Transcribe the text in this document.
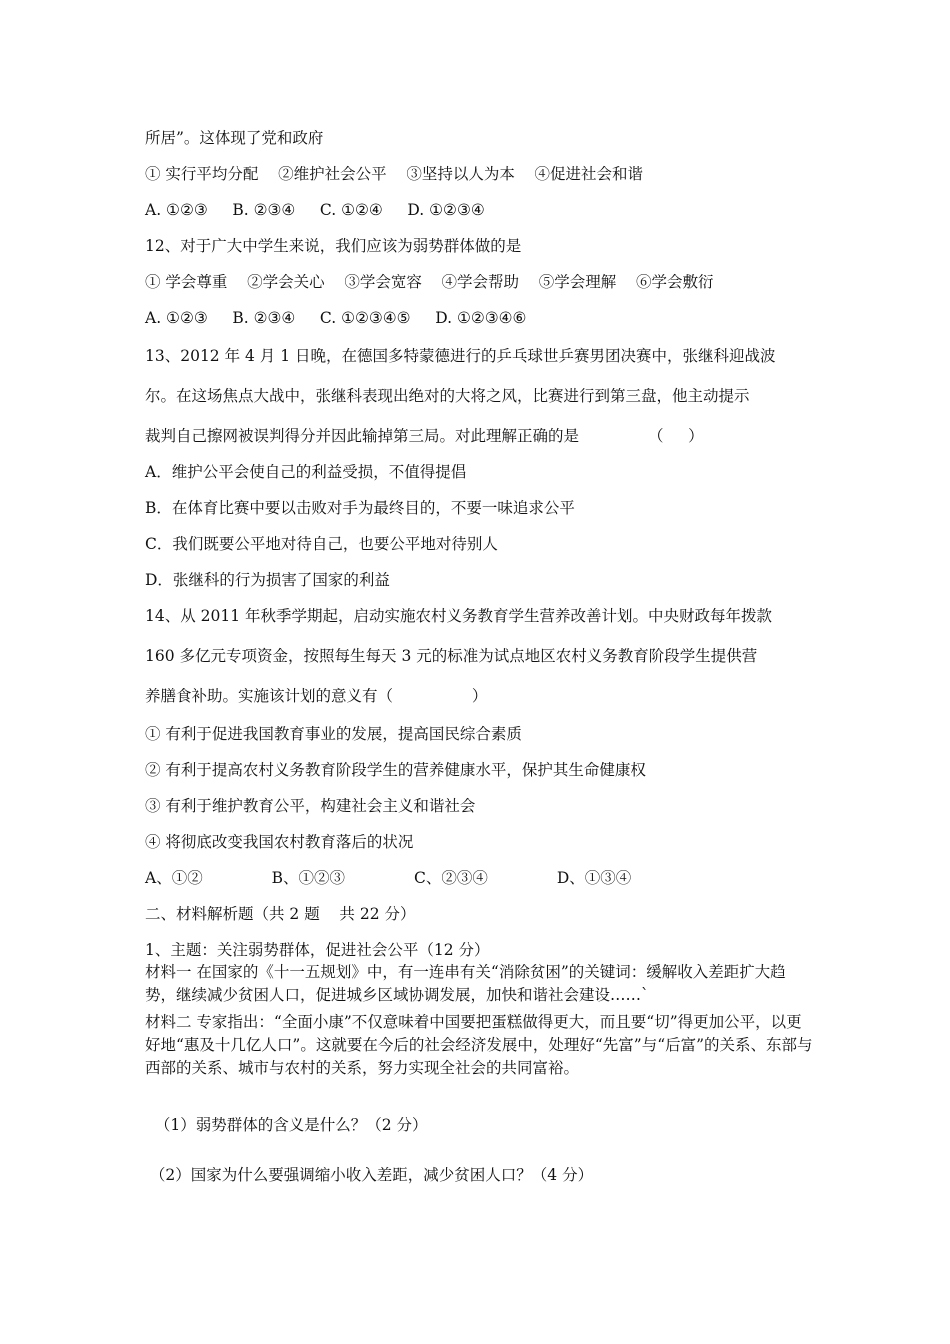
所居”。这体现了党和政府
① 实行平均分配    ②维护社会公平    ③坚持以人为本    ④促进社会和谐
A. ①②③     B. ②③④     C. ①②④     D. ①②③④
12、对于广大中学生来说，我们应该为弱势群体做的是
① 学会尊重    ②学会关心    ③学会宽容    ④学会帮助    ⑤学会理解    ⑥学会敷衍
A. ①②③     B. ②③④     C. ①②③④⑤     D. ①②③④⑥
13、2012 年 4 月 1 日晚，在德国多特蒙德进行的乒乓球世乒赛男团决赛中，张继科迎战波
尔。在这场焦点大战中，张继科表现出绝对的大将之风，比赛进行到第三盘，他主动提示
裁判自己擦网被误判得分并因此输掉第三局。对此理解正确的是              （     ）
A．维护公平会使自己的利益受损，不值得提倡
B．在体育比赛中要以击败对手为最终目的，不要一味追求公平
C．我们既要公平地对待自己，也要公平地对待别人
D．张继科的行为损害了国家的利益
14、从 2011 年秋季学期起，启动实施农村义务教育学生营养改善计划。中央财政每年拨款
160 多亿元专项资金，按照每生每天 3 元的标准为试点地区农村义务教育阶段学生提供营
养膳食补助。实施该计划的意义有（                ）
① 有利于促进我国教育事业的发展，提高国民综合素质
② 有利于提高农村义务教育阶段学生的营养健康水平，保护其生命健康权
③ 有利于维护教育公平，构建社会主义和谐社会
④ 将彻底改变我国农村教育落后的状况
A、①②              B、①②③              C、②③④              D、①③④
二、材料解析题（共 2 题    共 22 分）
1、主题：关注弱势群体，促进社会公平（12 分）

材料一 在国家的《十一五规划》中，有一连串有关“消除贫困”的关键词：缓解收入差距扩大趋势，继续减少贫困人口，促进城乡区域协调发展，加快和谐社会建设……`

材料二 专家指出：“全面小康”不仅意味着中国要把蛋糕做得更大，而且要“切”得更加公平，以更好地“惠及十几亿人口”。这就要在今后的社会经济发展中，处理好“先富”与“后富”的关系、东部与西部的关系、城市与农村的关系，努力实现全社会的共同富裕。

（1）弱势群体的含义是什么？（2 分）
（2）国家为什么要强调缩小收入差距，减少贫困人口？（4 分）
